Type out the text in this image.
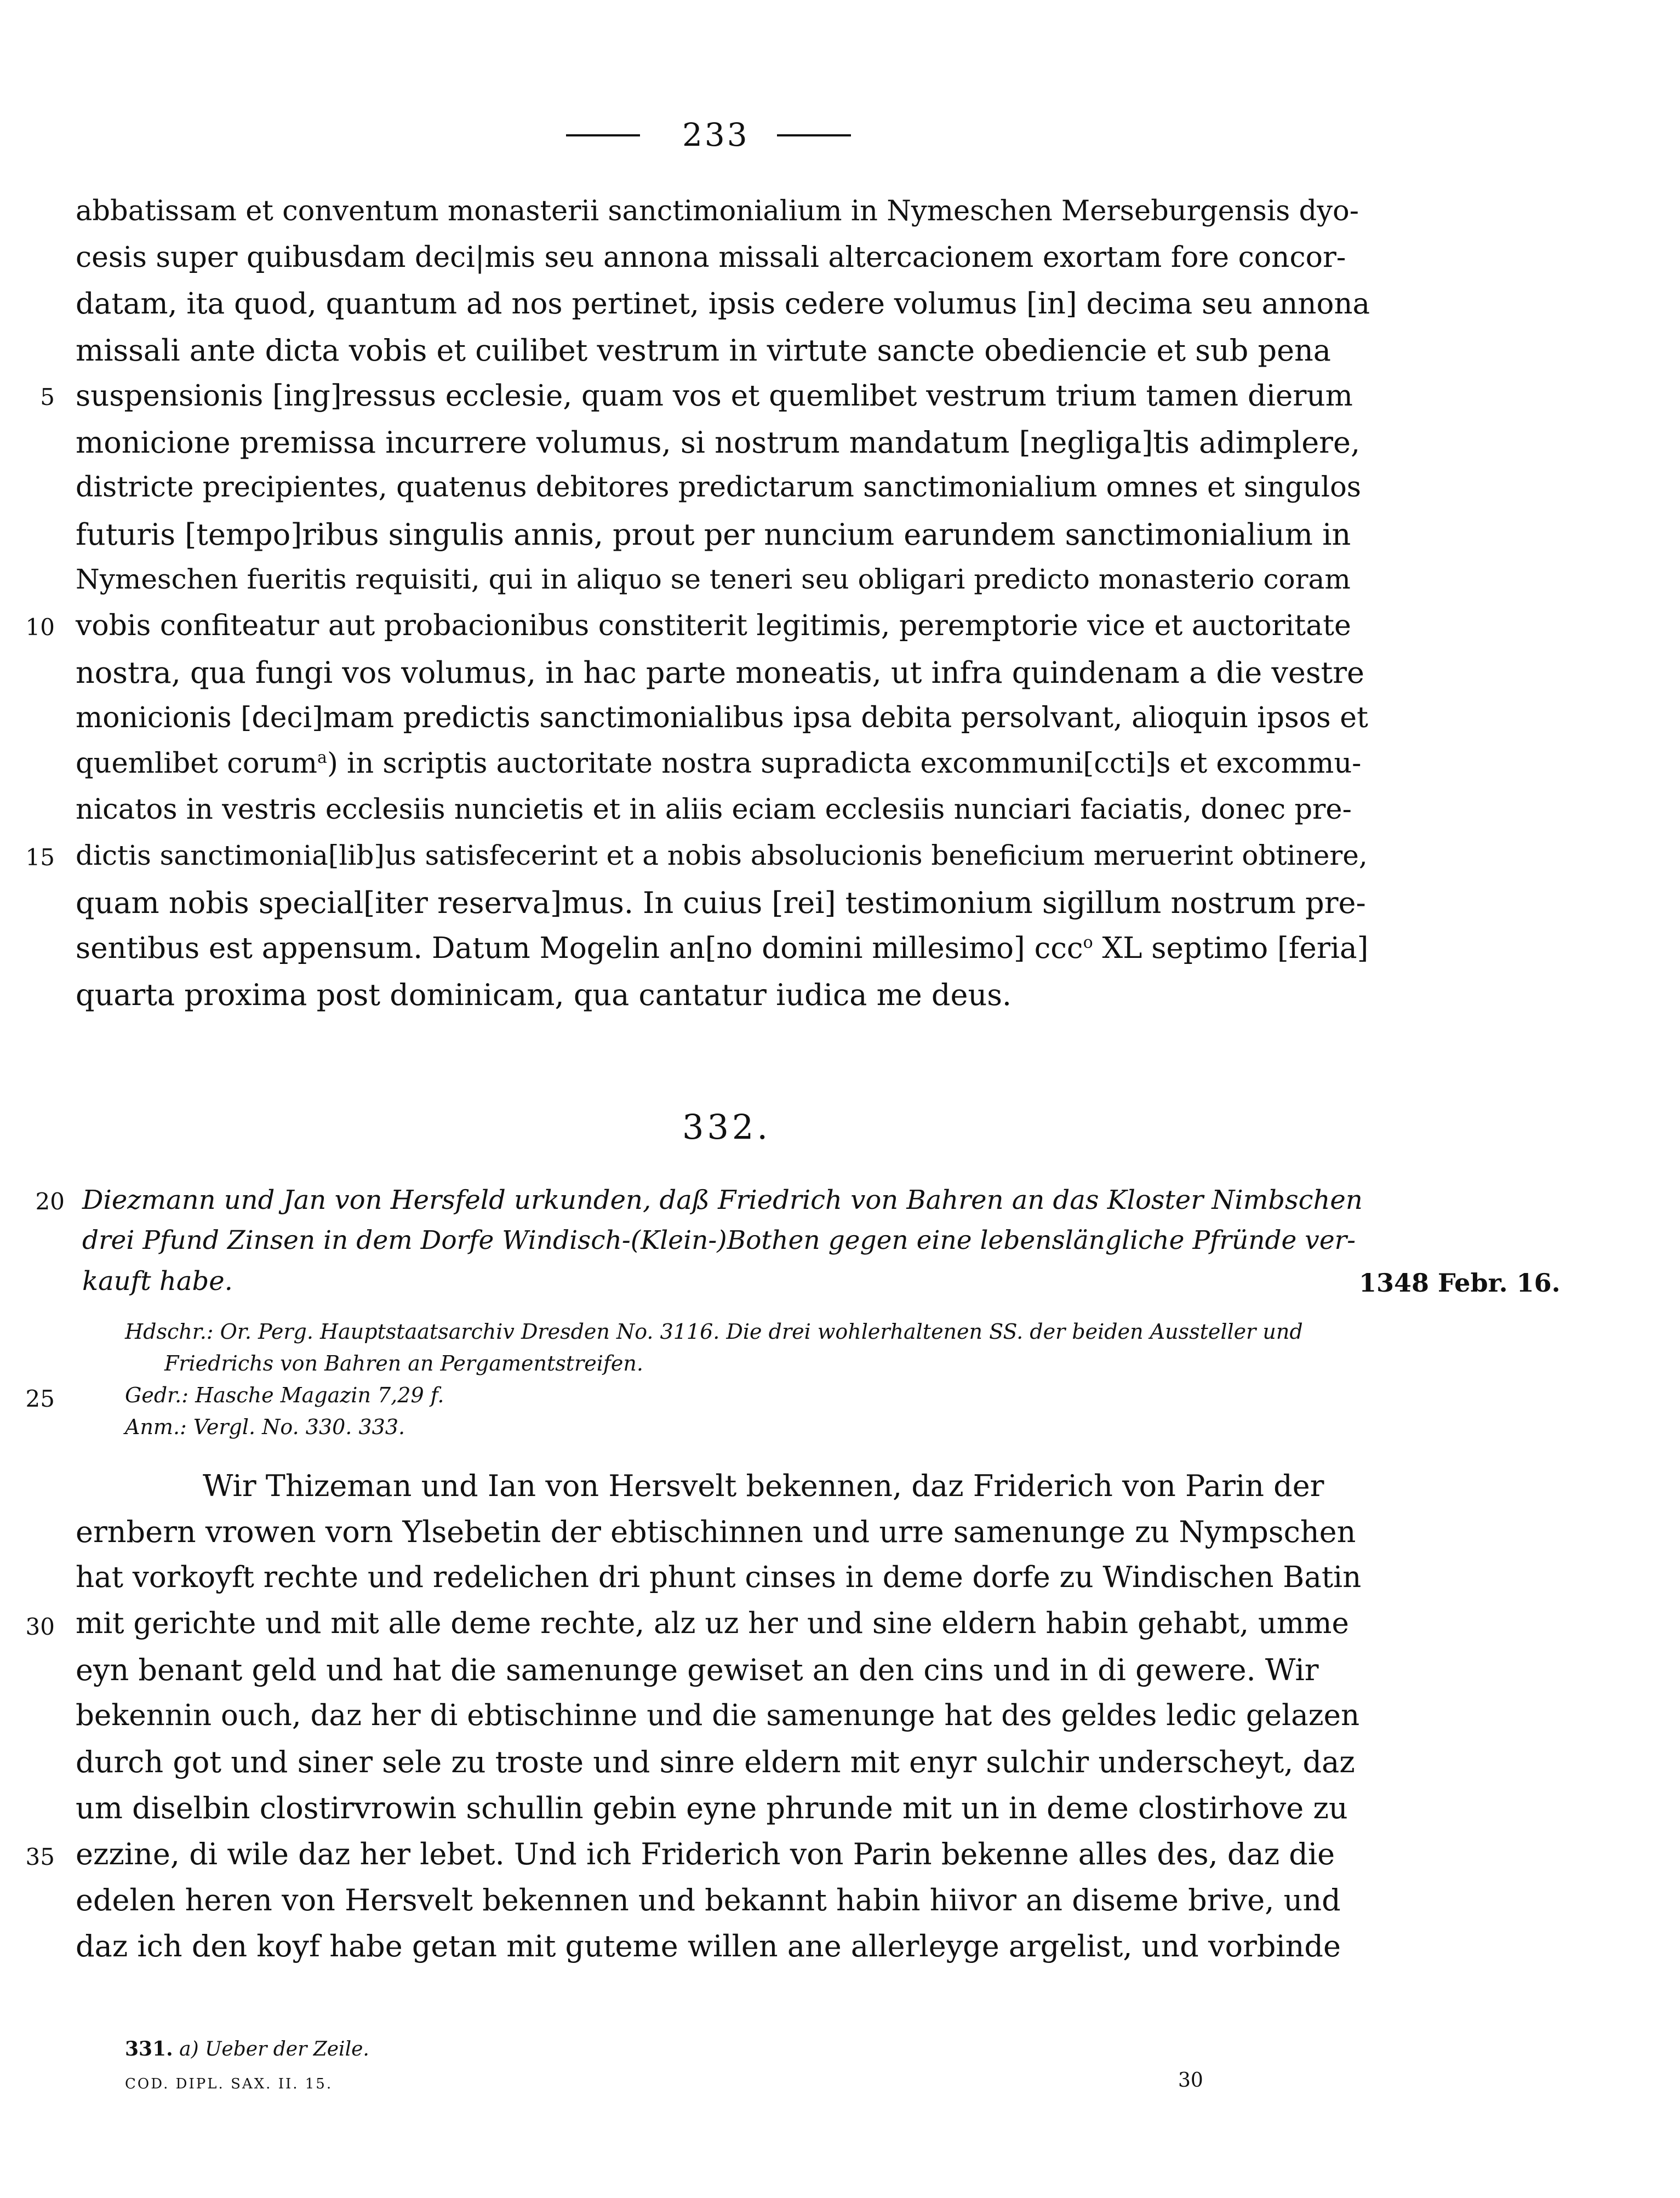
233
abbatissam et conventum monasterii sanctimonialium in Nymeschen Merseburgensis dyo-
cesis super quibusdam deci|mis seu annona missali altercacionem exortam fore concor-
datam, ita quod, quantum ad nos pertinet, ipsis cedere volumus [in] decima seu annona
missali ante dicta vobis et cuilibet vestrum in virtute sancte obediencie et sub pena
suspensionis [ing]ressus ecclesie, quam vos et quemlibet vestrum trium tamen dierum
monicione premissa incurrere volumus, si nostrum mandatum [negliga]tis adimplere,
districte precipientes, quatenus debitores predictarum sanctimonialium omnes et singulos
futuris [tempo]ribus singulis annis, prout per nuncium earundem sanctimonialium in
Nymeschen fueritis requisiti, qui in aliquo se teneri seu obligari predicto monasterio coram
vobis confiteatur aut probacionibus constiterit legitimis, peremptorie vice et auctoritate
nostra, qua fungi vos volumus, in hac parte moneatis, ut infra quindenam a die vestre
monicionis [deci]mam predictis sanctimonialibus ipsa debita persolvant, alioquin ipsos et
quemlibet corum$^a$) in scriptis auctoritate nostra supradicta excommuni[ccti]s et excommu-
nicatos in vestris ecclesiis nuncietis et in aliis eciam ecclesiis nunciari faciatis, donec pre-
dictis sanctimonia[lib]us satisfecerint et a nobis absolucionis beneficium meruerint obtinere,
quam nobis special[iter reserva]mus. In cuius [rei] testimonium sigillum nostrum pre-
sentibus est appensum. Datum Mogelin an[no domini millesimo] ccc$^o$ XL septimo [feria]
quarta proxima post dominicam, qua cantatur iudica me deus.
5
10
15
332.
Diezmann und Jan von Hersfeld urkunden, daß Friedrich von Bahren an das Kloster Nimbschen
drei Pfund Zinsen in dem Dorfe Windisch-(Klein-)Bothen gegen eine lebenslängliche Pfründe ver-
kauft habe.	1348 Febr. 16.
20
Hdschr.: Or. Perg. Hauptstaatsarchiv Dresden No. 3116. Die drei wohlerhaltenen SS. der beiden Aussteller und
Friedrichs von Bahren an Pergamentstreifen.
Gedr.: Hasche Magazin 7,29 f.
Anm.: Vergl. No. 330. 333.
25
Wir Thizeman und Ian von Hersvelt bekennen, daz Friderich von Parin der
ernbern vrowen vorn Ylsebetin der ebtischinnen und urre samenunge zu Nympschen
hat vorkoyft rechte und redelichen dri phunt cinses in deme dorfe zu Windischen Batin
mit gerichte und mit alle deme rechte, alz uz her und sine eldern habin gehabt, umme
eyn benant geld und hat die samenunge gewiset an den cins und in di gewere. Wir
bekennin ouch, daz her di ebtischinne und die samenunge hat des geldes ledic gelazen
durch got und siner sele zu troste und sinre eldern mit enyr sulchir underscheyt, daz
um diselbin clostirvrowin schullin gebin eyne phrunde mit un in deme clostirhove zu
ezzine, di wile daz her lebet. Und ich Friderich von Parin bekenne alles des, daz die
edelen heren von Hersvelt bekennen und bekannt habin hiivor an diseme brive, und
daz ich den koyf habe getan mit guteme willen ane allerleyge argelist, und vorbinde
30
35
331. a) Ueber der Zeile.
COD. DIPL. SAX. II. 15.	30
